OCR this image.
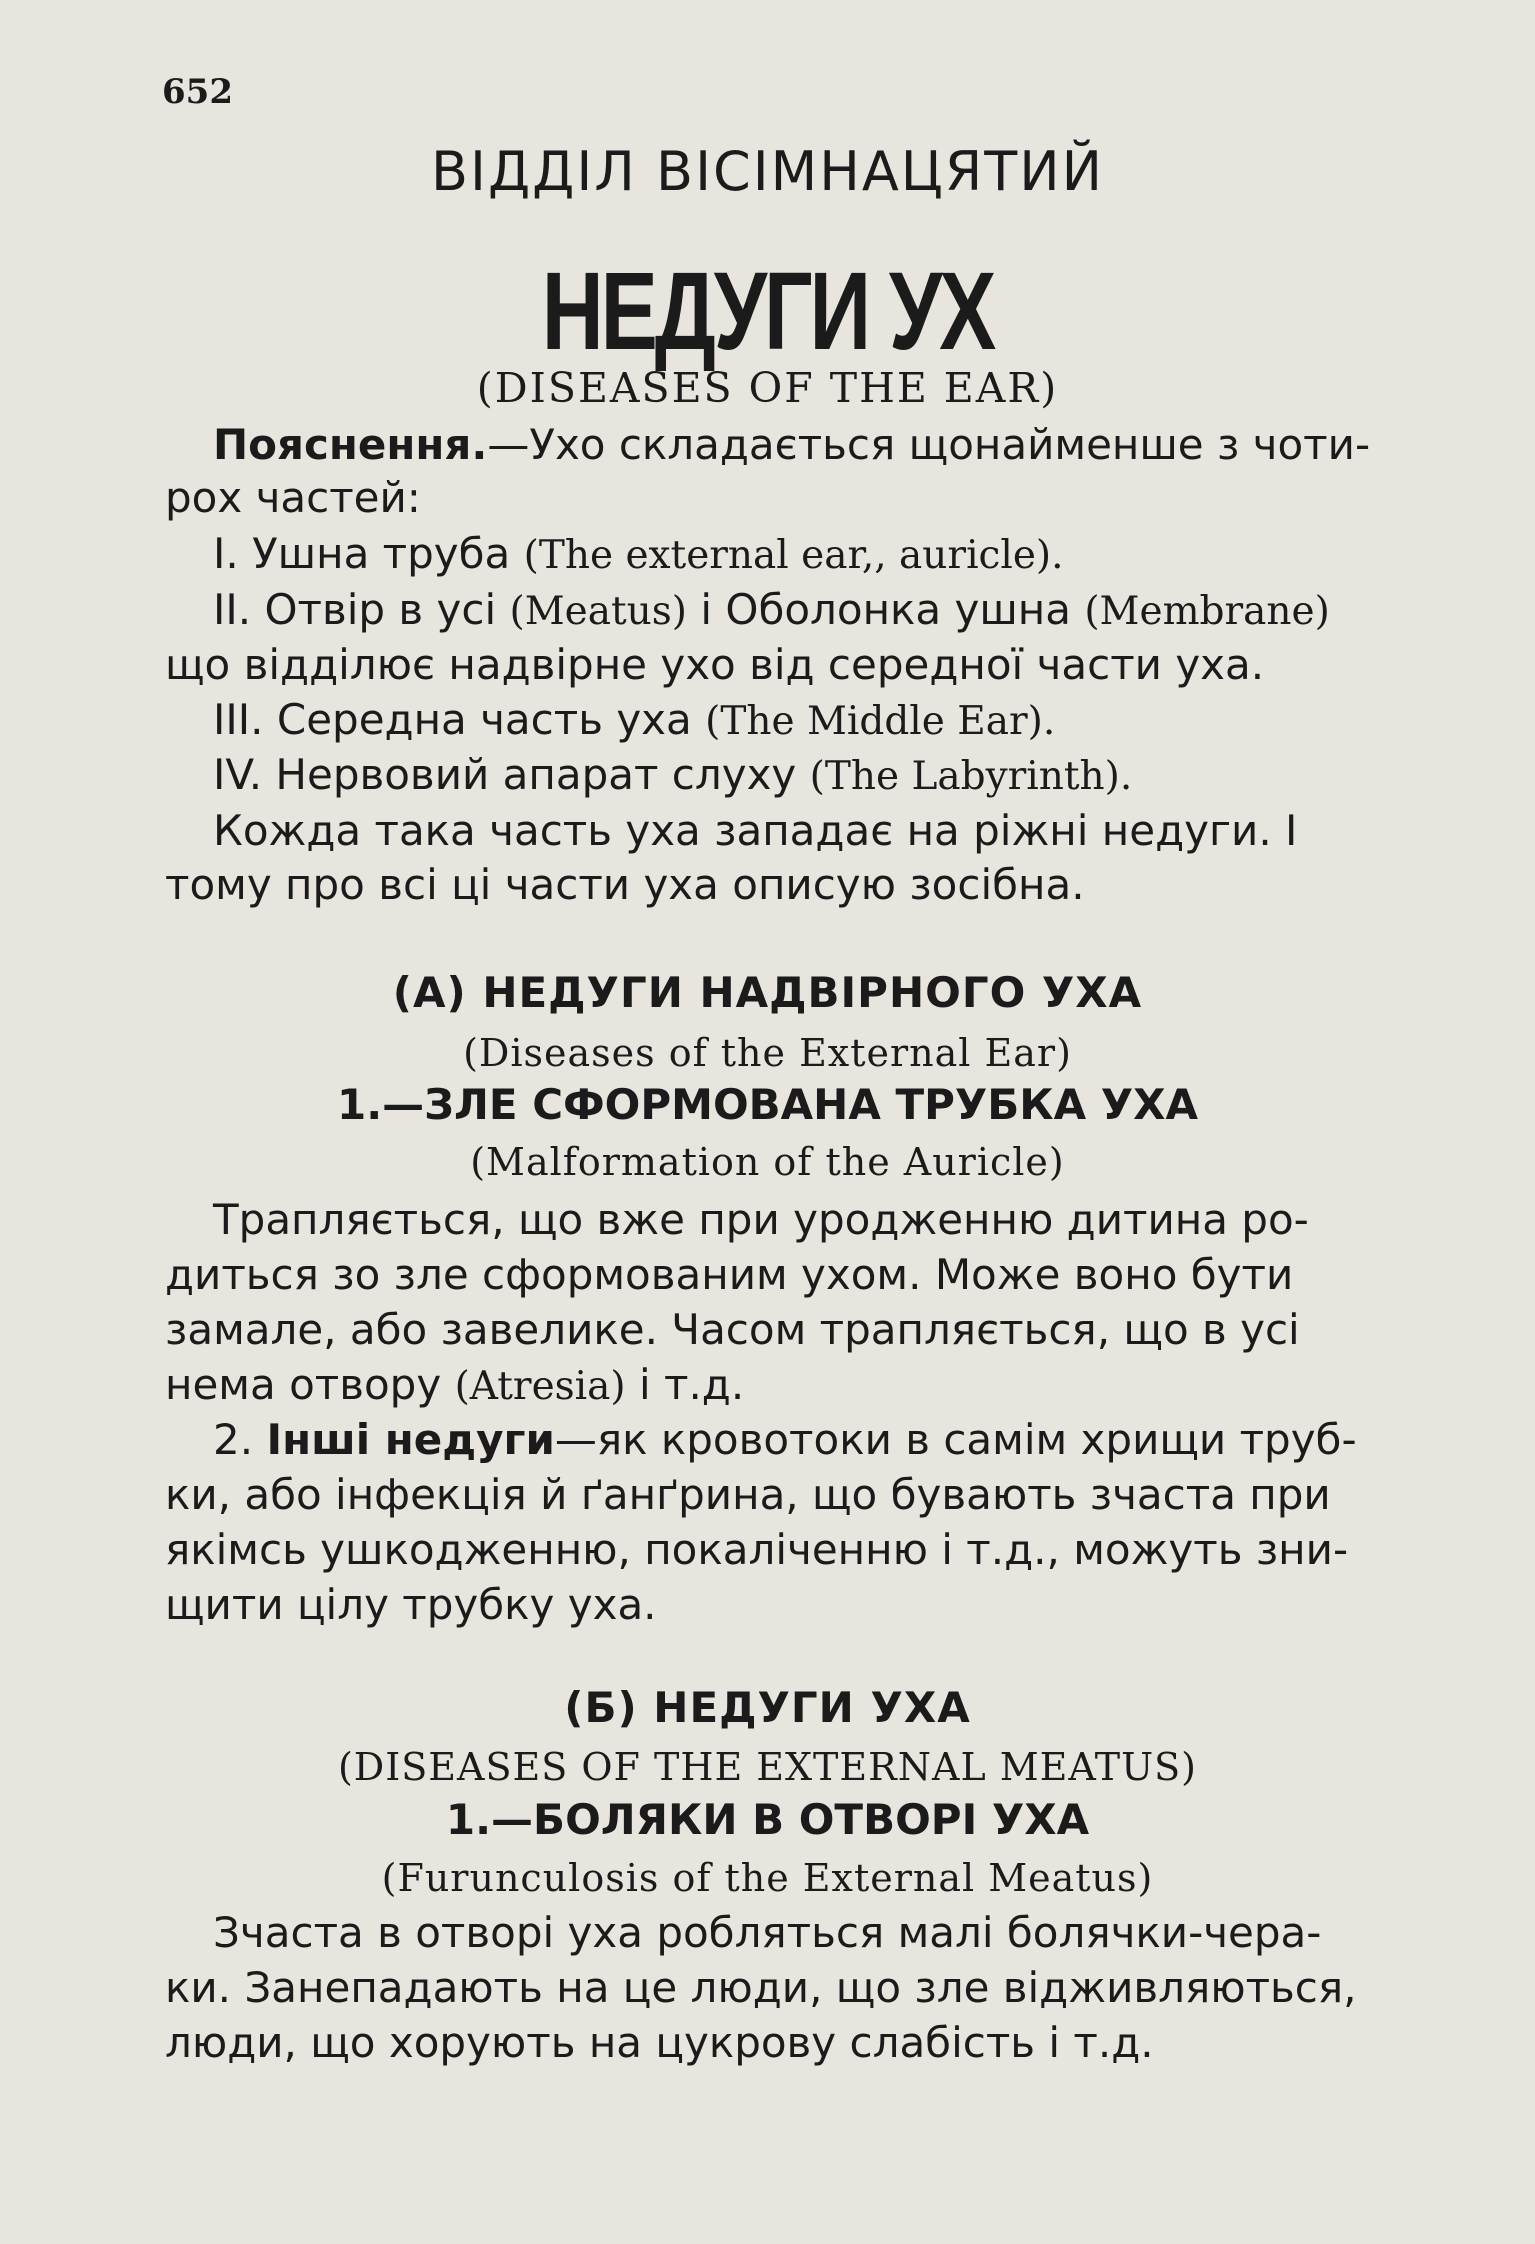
652
ВІДДІЛ ВІСІМНАЦЯТИЙ
НЕДУГИ УХ
(DISEASES OF THE EAR)
Пояснення.—Ухо складається щонайменше з чоти-
рох частей:
І. Ушна труба (The external ear,, auricle).
ІІ. Отвір в усі (Meatus) і Оболонка ушна (Membrane)
що відділює надвірне ухо від середної части уха.
ІІІ. Середна часть уха (The Middle Ear).
IV. Нервовий апарат слуху (The Labyrinth).
Кожда така часть уха западає на ріжні недуги. І
тому про всі ці части уха описую зосібна.
(А) НЕДУГИ НАДВІРНОГО УХА
(Diseases of the External Ear)
1.—ЗЛЕ СФОРМОВАНА ТРУБКА УХА
(Malformation of the Auricle)
Трапляється, що вже при уродженню дитина ро-
диться зо зле сформованим ухом. Може воно бути
замале, або завелике. Часом трапляється, що в усі
нема отвору (Atresia) і т.д.
2. Інші недуги—як кровотоки в самім хрищи труб-
ки, або інфекція й ґанґрина, що бувають зчаста при
якімсь ушкодженню, покаліченню і т.д., можуть зни-
щити цілу трубку уха.
(Б) НЕДУГИ УХА
(DISEASES OF THE EXTERNAL MEATUS)
1.—БОЛЯКИ В ОТВОРІ УХА
(Furunculosis of the External Meatus)
Зчаста в отворі уха робляться малі болячки-чера-
ки. Занепадають на це люди, що зле відживляються,
люди, що хорують на цукрову слабість і т.д.
